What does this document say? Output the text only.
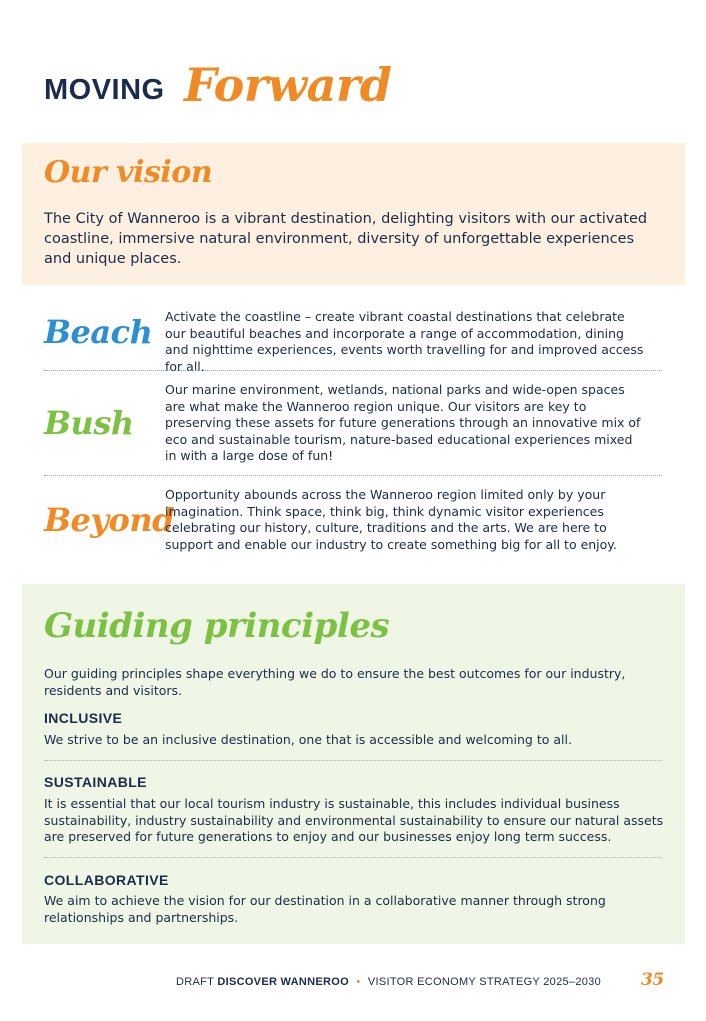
MOVING Forward
Our vision
The City of Wanneroo is a vibrant destination, delighting visitors with our activated coastline, immersive natural environment, diversity of unforgettable experiences and unique places.
Beach Activate the coastline – create vibrant coastal destinations that celebrate our beautiful beaches and incorporate a range of accommodation, dining and nighttime experiences, events worth travelling for and improved access for all.
Bush
Our marine environment, wetlands, national parks and wide-open spaces are what make the Wanneroo region unique. Our visitors are key to preserving these assets for future generations through an innovative mix of eco and sustainable tourism, nature-based educational experiences mixed in with a large dose of fun!
Beyond
Opportunity abounds across the Wanneroo region limited only by your imagination. Think space, think big, think dynamic visitor experiences celebrating our history, culture, traditions and the arts. We are here to support and enable our industry to create something big for all to enjoy.
Guiding principles
Our guiding principles shape everything we do to ensure the best outcomes for our industry, residents and visitors.
INCLUSIVE
We strive to be an inclusive destination, one that is accessible and welcoming to all.
SUSTAINABLE
It is essential that our local tourism industry is sustainable, this includes individual business sustainability, industry sustainability and environmental sustainability to ensure our natural assets are preserved for future generations to enjoy and our businesses enjoy long term success.
COLLABORATIVE
We aim to achieve the vision for our destination in a collaborative manner through strong relationships and partnerships.
DRAFT DISCOVER WANNEROO • VISITOR ECONOMY STRATEGY 2025–2030 35
